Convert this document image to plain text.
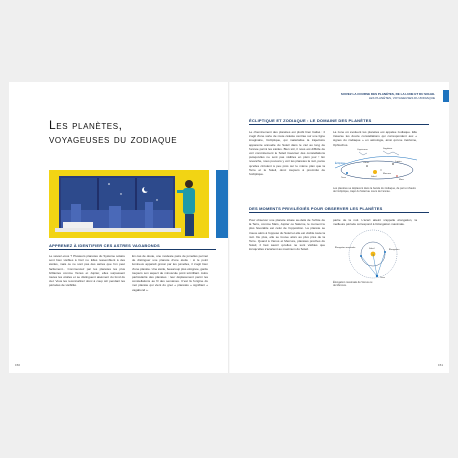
Les planètes,
voyageuses du zodiaque
APPRENEZ À IDENTIFIER CES ASTRES VAGABONDS
Le saviez-vous ? Plusieurs planètes du Système solaire sont bien visibles à l'œil nu. Elles ressemblent à des étoiles, mais ce ne sont pas des astres que l'on peut facilement... Commencez par les planètes les plus brillantes comme Vénus et Jupiter, elles surpassent toutes les étoiles et se distinguent aisément du fond du ciel. Vous les reconnaîtrez donc à coup sûr pendant les périodes de visibilité.
En cas de doute, une modeste paire de jumelles permet de distinguer une planète d'une étoile : si le point lumineux apparaît grossi par les jumelles, il s'agit bien d'une planète. Une étoile, beaucoup plus éloignée, garde toujours son aspect de minuscule point scintillant. Autre particularité des planètes : leur déplacement parmi les constellations au fil des semaines. C'est là l'origine du mot planète qui vient du grec « planètès » signifiant « vagabond ».
150
SUIVEZ LA COURSE DES PLANÈTES, DE LA LUNE ET DU SOLEIL
LES PLANÈTES, VOYAGEUSES DU ZODIAQUE
ÉCLIPTIQUE ET ZODIAQUE : LE DOMAINE DES PLANÈTES
Le cheminement des planètes est plutôt bien balisé : il s'agit d'une sorte de route céleste centrée sur une ligne imaginaire, l'écliptique, qui matérialise la trajectoire apparente annuelle du Soleil dans le ciel au long de l'année parmi les étoiles. Bien sûr, il nous est difficile de voir concrètement le Soleil traverser des constellations puisqu'elles ne sont pas visibles en plein jour ! En revanche, nous pouvons y voir les planètes la nuit, parce qu'elles circulent à peu près sur le même plan que la Terre et le Soleil, donc toujours à proximité de l'écliptique.
La zone où évoluent les planètes est appelée zodiaque. Elle traverse les douze constellations qui correspondent aux « signes du zodiaque » en astrologie, ainsi qu'une treizième, Ophiuchus.
Écliptique
Capricorne	Sagittaire
Terre	Soleil
Vénus	Jupiter
Mercure
Mars
Les planètes se déplacent dans la bande du zodiaque, de part et d'autre de l'écliptique, trajet du Soleil au cours de l'année.
DES MOMENTS PRIVILÉGIÉS POUR OBSERVER LES PLANÈTES
Pour observer une planète située au-delà de l'orbite de la Terre, comme Mars, Jupiter ou Saturne, le moment le plus favorable est celui de l'opposition. La planète se trouve alors à l'opposé du Soleil et elle est visible toute la nuit. De plus, elle se trouve alors au plus près de la Terre. Quand à Vénus et Mercure, planètes proches du Soleil, il faut savoir qu'elles ne sont visibles que lorsqu'elles s'écartent au maximum du Soleil.
partie de la nuit. L'écart atteint s'appelle élongation, la meilleure période correspond à l'élongation maximale.
Soleil
Élongation maximale
Terre
Élongation
Élongation maximale de Vénus ou de Mercure.
151
